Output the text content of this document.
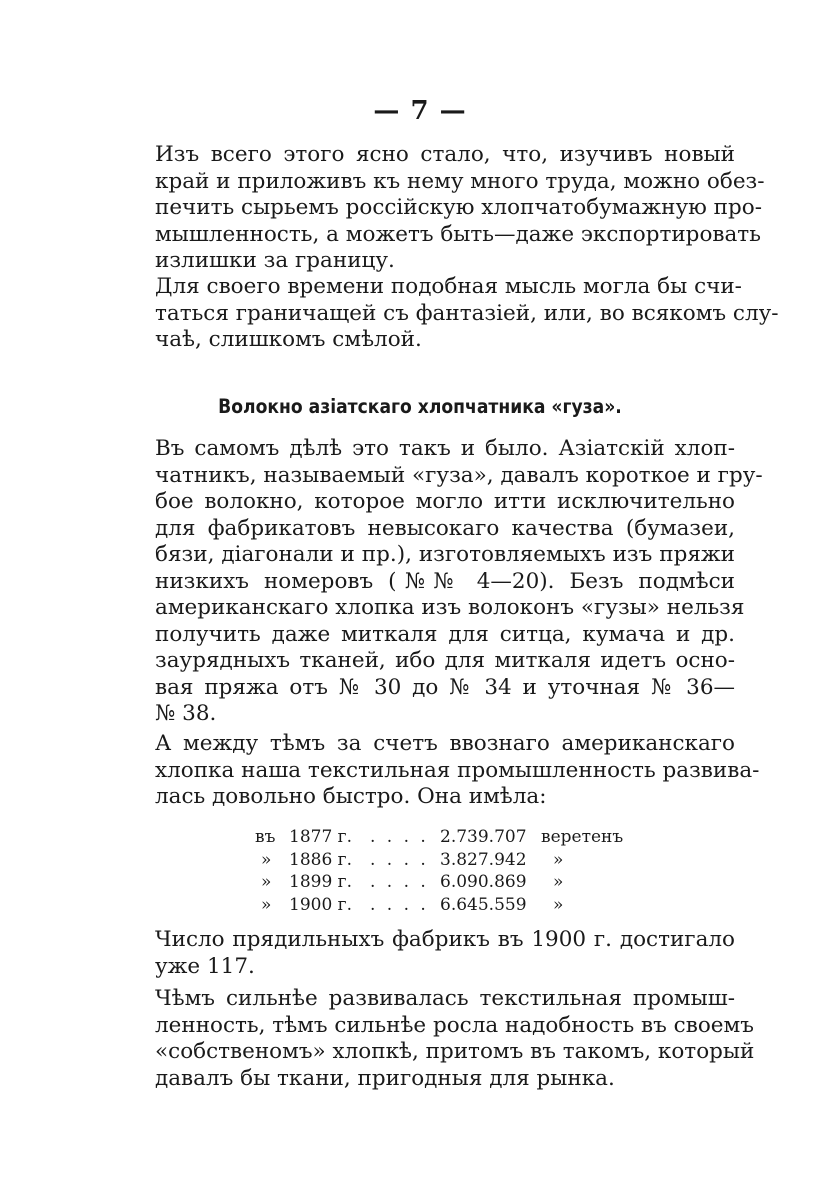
— 7 —

Изъ всего этого ясно стало, что, изучивъ новый
край и приложивъ къ нему много труда, можно обез-
печить сырьемъ россійскую хлопчатобумажную про-
мышленность, а можетъ быть—даже экспортировать
излишки за границу.

Для своего времени подобная мысль могла бы счи-
таться граничащей съ фантазіей, или, во всякомъ слу-
чаѣ, слишкомъ смѣлой.

Волокно азіатскаго хлопчатника «гуза».

Въ самомъ дѣлѣ это такъ и было. Азіатскій хлоп-
чатникъ, называемый «гуза», давалъ короткое и гру-
бое волокно, которое могло итти исключительно
для фабрикатовъ невысокаго качества (бумазеи,
бязи, діагонали и пр.), изготовляемыхъ изъ пряжи
низкихъ номеровъ (№№ 4—20). Безъ подмѣси
американскаго хлопка изъ волоконъ «гузы» нельзя
получить даже миткаля для ситца, кумача и др.
заурядныхъ тканей, ибо для миткаля идетъ осно-
вая пряжа отъ № 30 до № 34 и уточная № 36—
№ 38.

А между тѣмъ за счетъ ввознаго американскаго
хлопка наша текстильная промышленность развива-
лась довольно быстро. Она имѣла:

въ 1877 г. . . . . 2.739.707 веретенъ
»	1886 г. . . . . 3.827.942	»
»	1899 г. . . . . 6.090.869	»
»	1900 г. . . . . 6.645.559	»

Число прядильныхъ фабрикъ въ 1900 г. достигало
уже 117.

Чѣмъ сильнѣе развивалась текстильная промыш-
ленность, тѣмъ сильнѣе росла надобность въ своемъ
«собственомъ» хлопкѣ, притомъ въ такомъ, который
давалъ бы ткани, пригодныя для рынка.
